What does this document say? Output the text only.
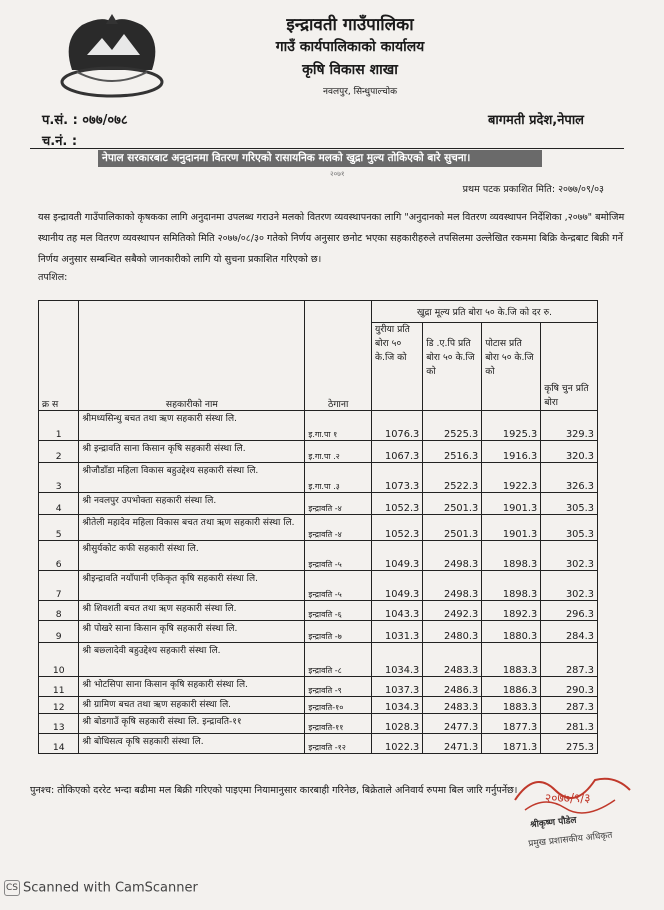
इन्द्रावती गाउँपालिका
गाउँ कार्यपालिकाको कार्यालय
कृषि विकास शाखा
नवलपुर, सिन्धुपाल्चोक
प.सं. : ०७७/०७८
च.नं. :
बागमती प्रदेश,नेपाल
नेपाल सरकारबाट अनुदानमा वितरण गरिएको रासायनिक मलको खुद्रा मुल्य तोकिएको बारे सुचना।
२०७१
प्रथम पटक प्रकाशित मिति: २०७७/०९/०३
यस इन्द्रावती गाउँपालिकाको कृषकका लागि अनुदानमा उपलब्ध गराउने मलको वितरण व्यवस्थापनका लागि "अनुदानको मल वितरण व्यवस्थापन निर्देशिका ,२०७७" बमोजिम स्थानीय तह मल वितरण व्यवस्थापन समितिको मिति २०७७/०८/३० गतेको निर्णय अनुसार छनोट भएका सहकारीहरुले तपसिलमा उल्लेखित रकममा बिक्रि केन्द्रबाट बिक्री गर्ने निर्णय अनुसार सम्बन्धित सबैको जानकारीको लागि यो सुचना प्रकाशित गरिएको छ।
तपशिल:
क्र स	सहकारीको नाम	ठेगाना	खुद्रा मूल्य प्रति बोरा ५० के.जि को दर रु.			
			युरीया प्रति बोरा ५० के.जि को	डि .ए.पि प्रति बोरा ५० के.जि को	पोटास प्रति बोरा ५० के.जि को	कृषि चुन प्रति बोरा
1	श्रीमध्यसिन्धु बचत तथा ऋण सहकारी संस्था लि.	इ.गा.पा १	1076.3	2525.3	1925.3	329.3
2	श्री इन्द्रावति साना किसान कृषि सहकारी संस्था लि.	इ.गा.पा .२	1067.3	2516.3	1916.3	320.3
3	श्रीजौडाँडा महिला विकास बहुउद्देश्य सहकारी संस्था लि.	इ.गा.पा .३	1073.3	2522.3	1922.3	326.3
4	श्री नवलपुर उपभोक्ता सहकारी संस्था लि.	इन्द्रावति -४	1052.3	2501.3	1901.3	305.3
5	श्रीतेली महादेव महिला विकास बचत तथा ऋण सहकारी संस्था लि.	इन्द्रावति -४	1052.3	2501.3	1901.3	305.3
6	श्रीसुर्यकोट कफी सहकारी संस्था लि.	इन्द्रावति -५	1049.3	2498.3	1898.3	302.3
7	श्रीइन्द्रावति नयाँपानी एकिकृत कृषि सहकारी संस्था लि.	इन्द्रावति -५	1049.3	2498.3	1898.3	302.3
8	श्री शिवशती बचत तथा ऋण सहकारी संस्था लि.	इन्द्रावति -६	1043.3	2492.3	1892.3	296.3
9	श्री पोखरे साना किसान कृषि सहकारी संस्था लि.	इन्द्रावति -७	1031.3	2480.3	1880.3	284.3
10	श्री बछ्लादेवी बहुउद्देश्य सहकारी संस्था लि.	इन्द्रावति -८	1034.3	2483.3	1883.3	287.3
11	श्री भोटसिपा साना किसान कृषि सहकारी संस्था लि.	इन्द्रावति -९	1037.3	2486.3	1886.3	290.3
12	श्री ग्रामिण बचत तथा ऋण सहकारी संस्था लि.	इन्द्रावति-१०	1034.3	2483.3	1883.3	287.3
13	श्री बोडगाउँ कृषि सहकारी संस्था लि. इन्द्रावति-११	इन्द्रावति-११	1028.3	2477.3	1877.3	281.3
14	श्री बोधिसत्व कृषि सहकारी संस्था लि.	इन्द्रावति -१२	1022.3	2471.3	1871.3	275.3
पुनश्च: तोकिएको दररेट भन्दा बढीमा मल बिक्री गरिएको पाइएमा नियामानुसार कारबाही गरिनेछ, बिक्रेताले अनिवार्य रुपमा बिल जारि गर्नुपर्नेछ।
२०७७/९/३
श्रीकृष्ण पौडेल
प्रमुख प्रशासकीय अधिकृत
CS Scanned with CamScanner
